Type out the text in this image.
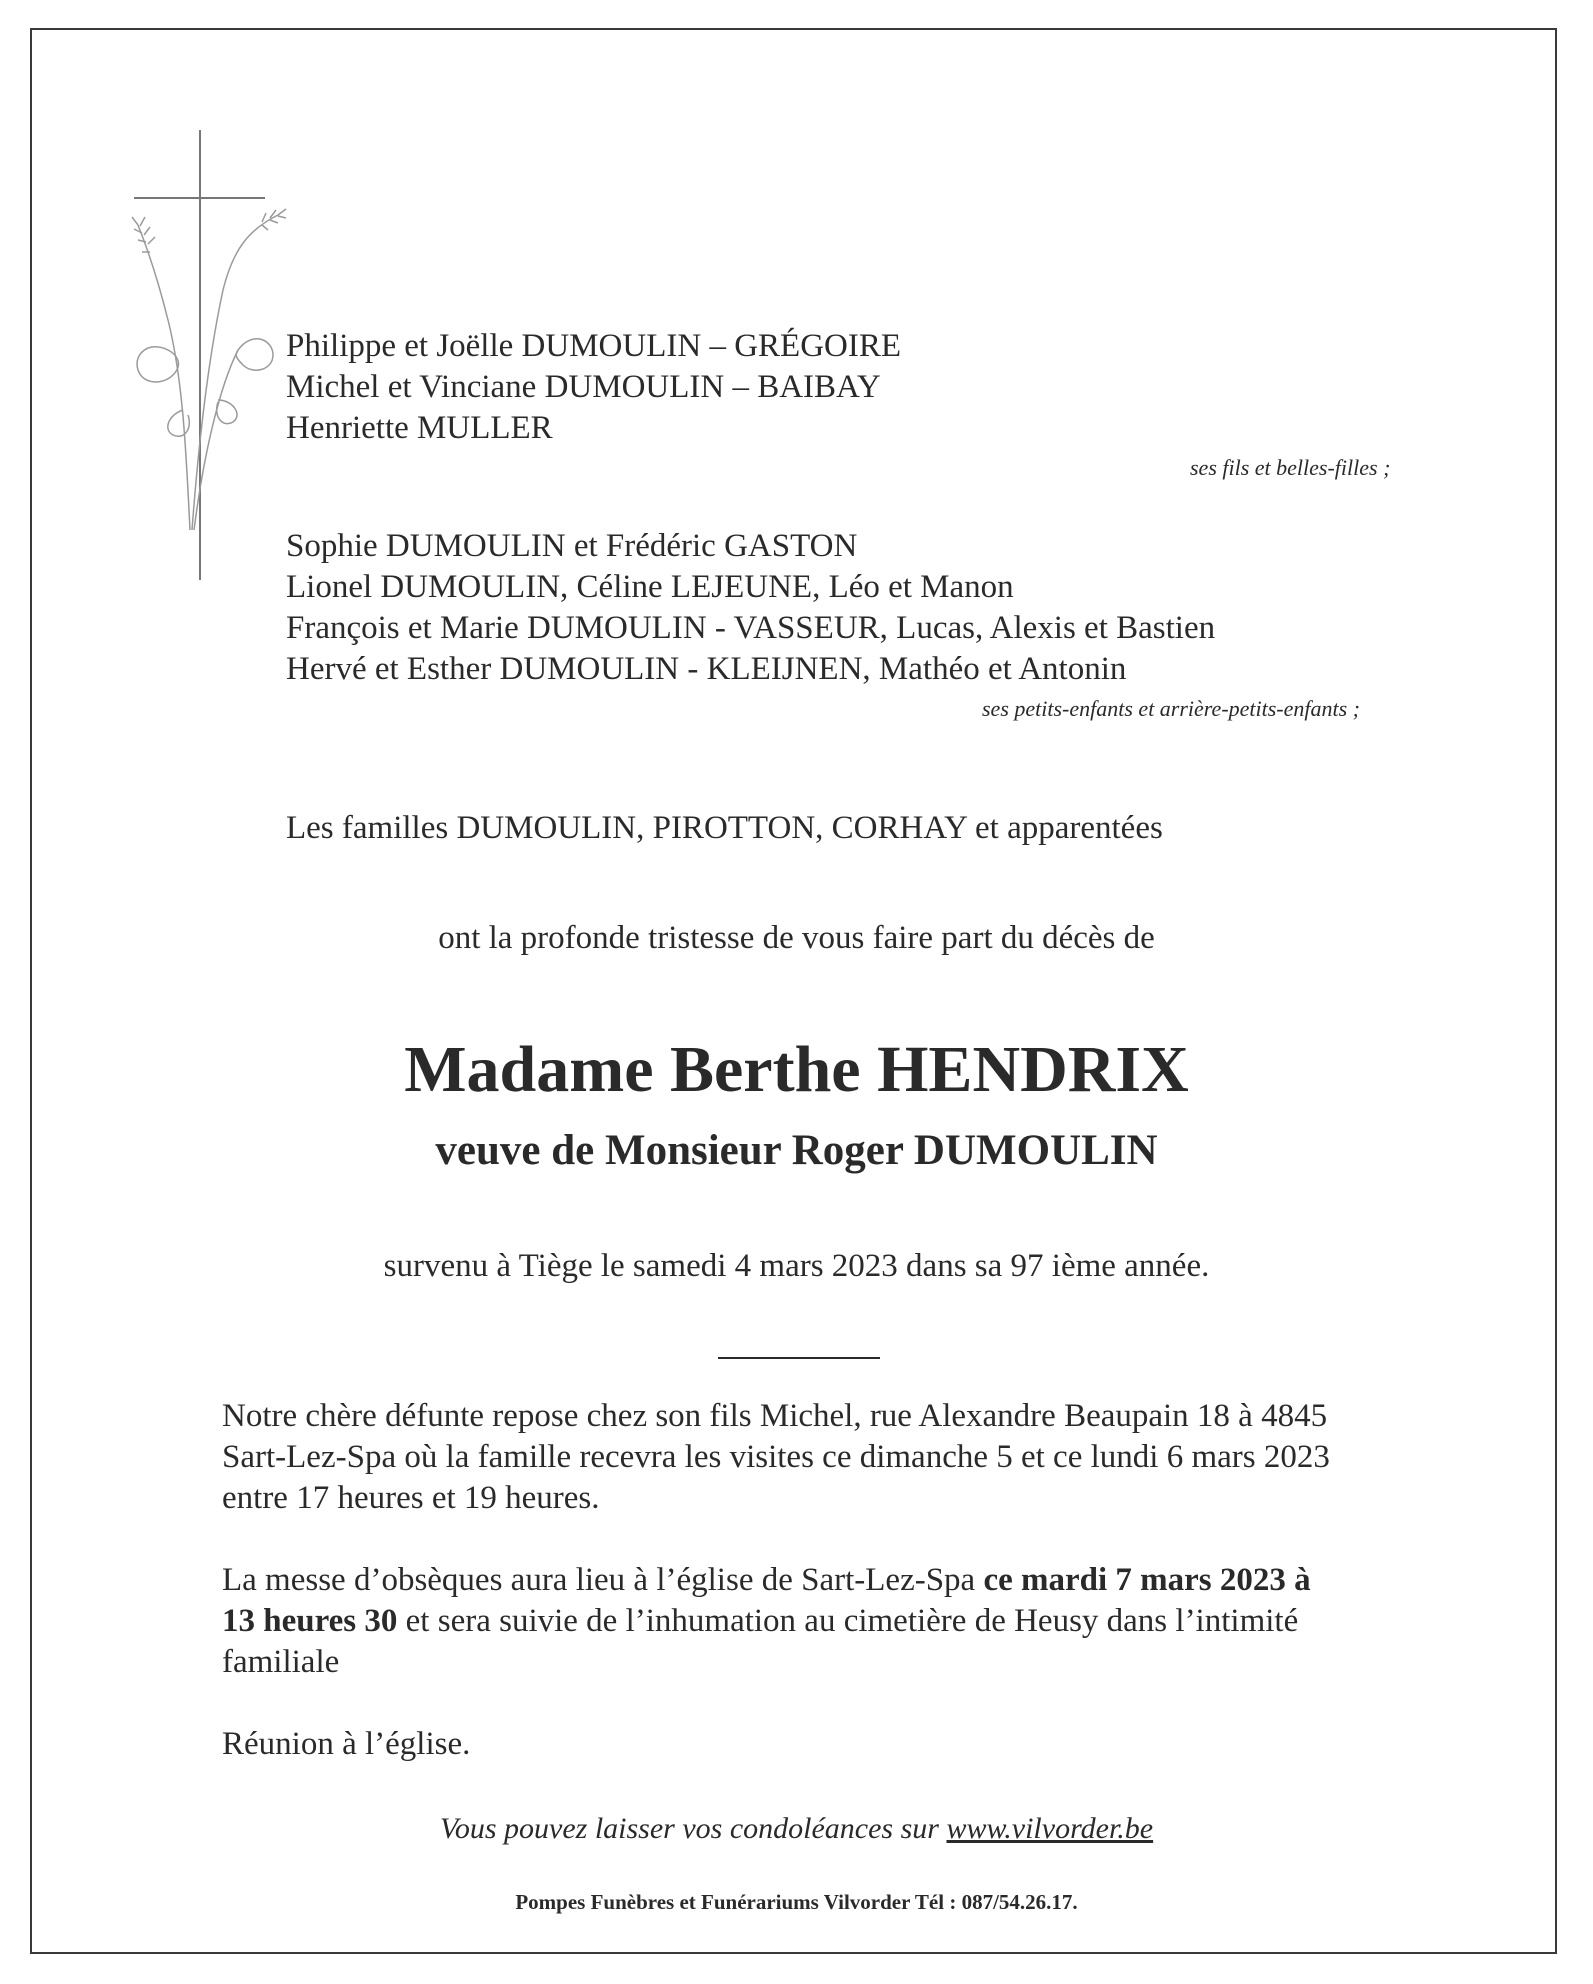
Philippe et Joëlle DUMOULIN – GRÉGOIRE
Michel et Vinciane DUMOULIN – BAIBAY
Henriette MULLER
ses fils et belles-filles ;
Sophie DUMOULIN et Frédéric GASTON
Lionel DUMOULIN, Céline LEJEUNE, Léo et Manon
François et Marie DUMOULIN - VASSEUR, Lucas, Alexis et Bastien
Hervé et Esther DUMOULIN - KLEIJNEN, Mathéo et Antonin
ses petits-enfants et arrière-petits-enfants ;
Les familles DUMOULIN, PIROTTON, CORHAY et apparentées
ont la profonde tristesse de vous faire part du décès de
Madame Berthe HENDRIX
veuve de Monsieur Roger DUMOULIN
survenu à Tiège le samedi 4 mars 2023 dans sa 97 ième année.
Notre chère défunte repose chez son fils Michel, rue Alexandre Beaupain 18 à 4845
Sart-Lez-Spa où la famille recevra les visites ce dimanche 5 et ce lundi 6 mars 2023
entre 17 heures et 19 heures.
La messe d’obsèques aura lieu à l’église de Sart-Lez-Spa ce mardi 7 mars 2023 à
13 heures 30 et sera suivie de l’inhumation au cimetière de Heusy dans l’intimité
familiale
Réunion à l’église.
Vous pouvez laisser vos condoléances sur www.vilvorder.be
Pompes Funèbres et Funérariums Vilvorder Tél : 087/54.26.17.
